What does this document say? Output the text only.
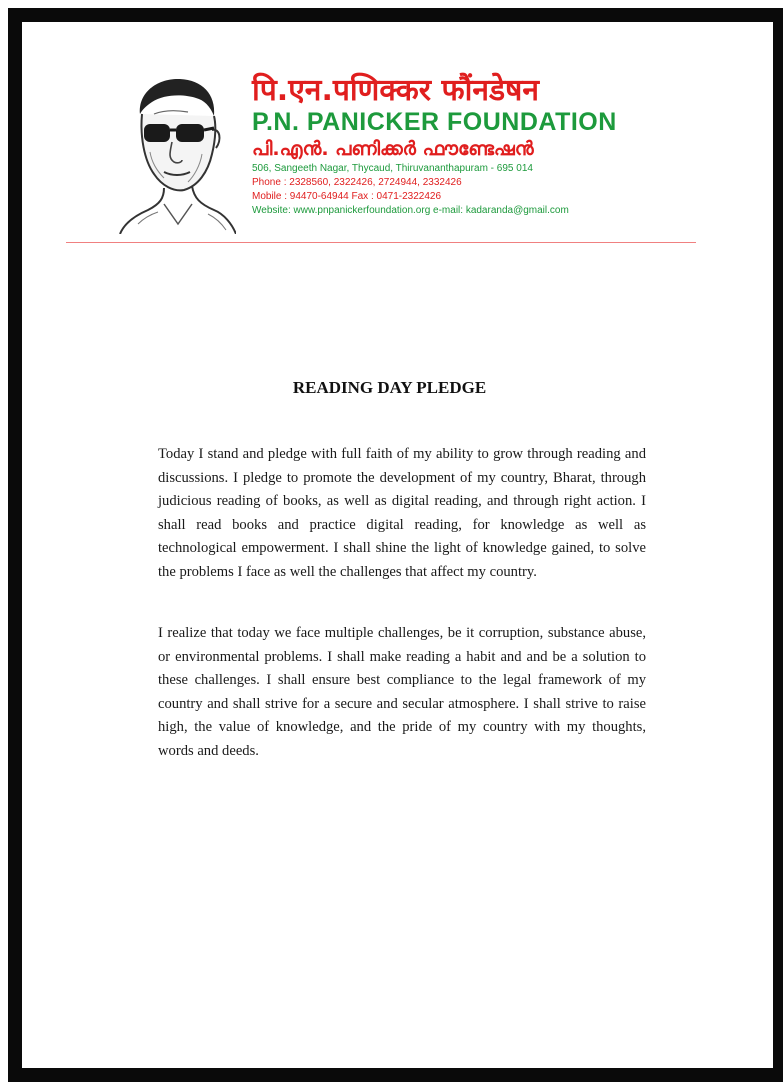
पि.एन.पणिक्कर फौंनडेषन
P.N. PANICKER FOUNDATION
പി.എൻ. പണിക്കർ ഫൗണ്ടേഷൻ
506, Sangeeth Nagar, Thycaud, Thiruvananthapuram - 695 014
Phone : 2328560, 2322426, 2724944, 2332426
Mobile : 94470-64944 Fax : 0471-2322426
Website: www.pnpanickerfoundation.org e-mail: kadaranda@gmail.com
READING DAY PLEDGE

Today I stand and pledge with full faith of my ability to grow through reading and discussions. I pledge to promote the development of my country, Bharat, through judicious reading of books, as well as digital reading, and through right action. I shall read books and practice digital reading, for knowledge as well as technological empowerment. I shall shine the light of knowledge gained, to solve the problems I face as well the challenges that affect my country.

I realize that today we face multiple challenges, be it corruption, substance abuse, or environmental problems. I shall make reading a habit and and be a solution to these challenges. I shall ensure best compliance to the legal framework of my country and shall strive for a secure and secular atmosphere. I shall strive to raise high, the value of knowledge, and the pride of my country with my thoughts, words and deeds.
